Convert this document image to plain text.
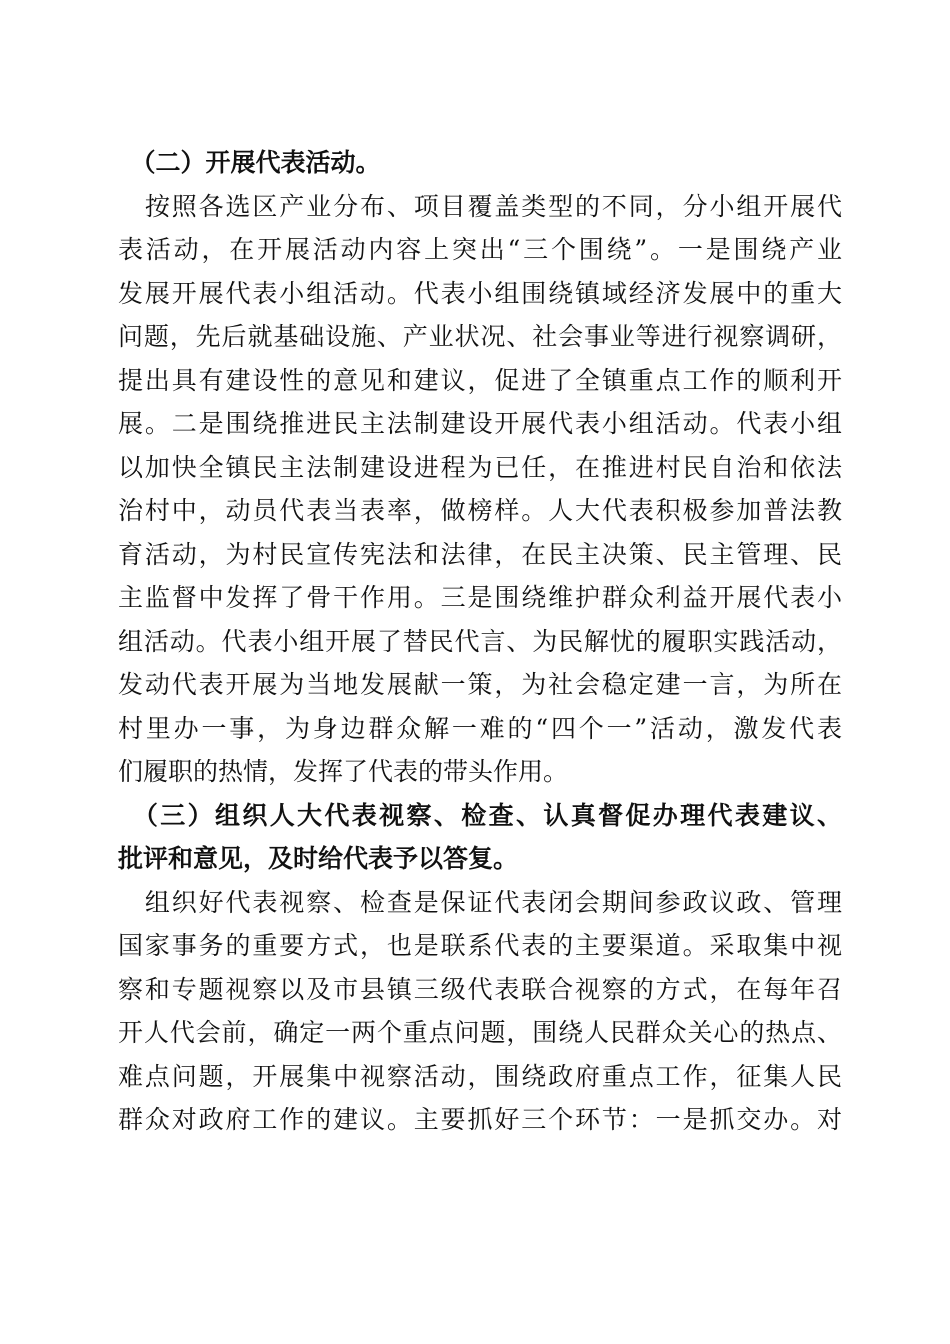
　（二）开展代表活动。
　按照各选区产业分布、项目覆盖类型的不同，分小组开展代
表活动，在开展活动内容上突出“三个围绕”。一是围绕产业
发展开展代表小组活动。代表小组围绕镇域经济发展中的重大
问题，先后就基础设施、产业状况、社会事业等进行视察调研，
提出具有建设性的意见和建议，促进了全镇重点工作的顺利开
展。二是围绕推进民主法制建设开展代表小组活动。代表小组
以加快全镇民主法制建设进程为已任，在推进村民自治和依法
治村中，动员代表当表率，做榜样。人大代表积极参加普法教
育活动，为村民宣传宪法和法律，在民主决策、民主管理、民
主监督中发挥了骨干作用。三是围绕维护群众利益开展代表小
组活动。代表小组开展了替民代言、为民解忧的履职实践活动，
发动代表开展为当地发展献一策，为社会稳定建一言，为所在
村里办一事，为身边群众解一难的“四个一”活动，激发代表
们履职的热情，发挥了代表的带头作用。
　（三）组织人大代表视察、检查、认真督促办理代表建议、
批评和意见，及时给代表予以答复。
　组织好代表视察、检查是保证代表闭会期间参政议政、管理
国家事务的重要方式，也是联系代表的主要渠道。采取集中视
察和专题视察以及市县镇三级代表联合视察的方式，在每年召
开人代会前，确定一两个重点问题，围绕人民群众关心的热点、
难点问题，开展集中视察活动，围绕政府重点工作，征集人民
群众对政府工作的建议。主要抓好三个环节：一是抓交办。对
